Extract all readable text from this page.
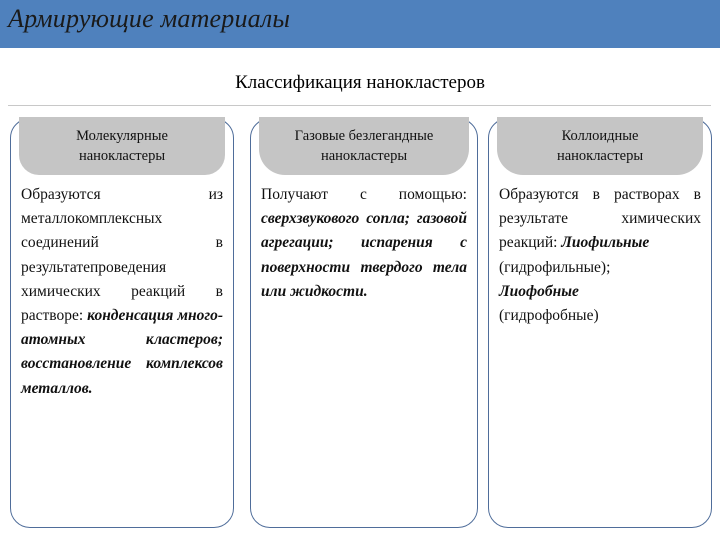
Армирующие материалы
Классификация нанокластеров
Молекулярные
нанокластеры
Образуются из металлокомплексных соединений в результатепроведения химических реакций в растворе: конденсация много-атомных кластеров; восстановление комплексов металлов.
Газовые безлегандные
нанокластеры
Получают с помощью: сверхзвукового сопла; газовой агрегации; испарения с поверхности твердого тела или жидкости.
Коллоидные
нанокластеры
Образуются в растворах в результате химических реакций: Лиофильные
(гидрофильные);
Лиофобные
(гидрофобные)
